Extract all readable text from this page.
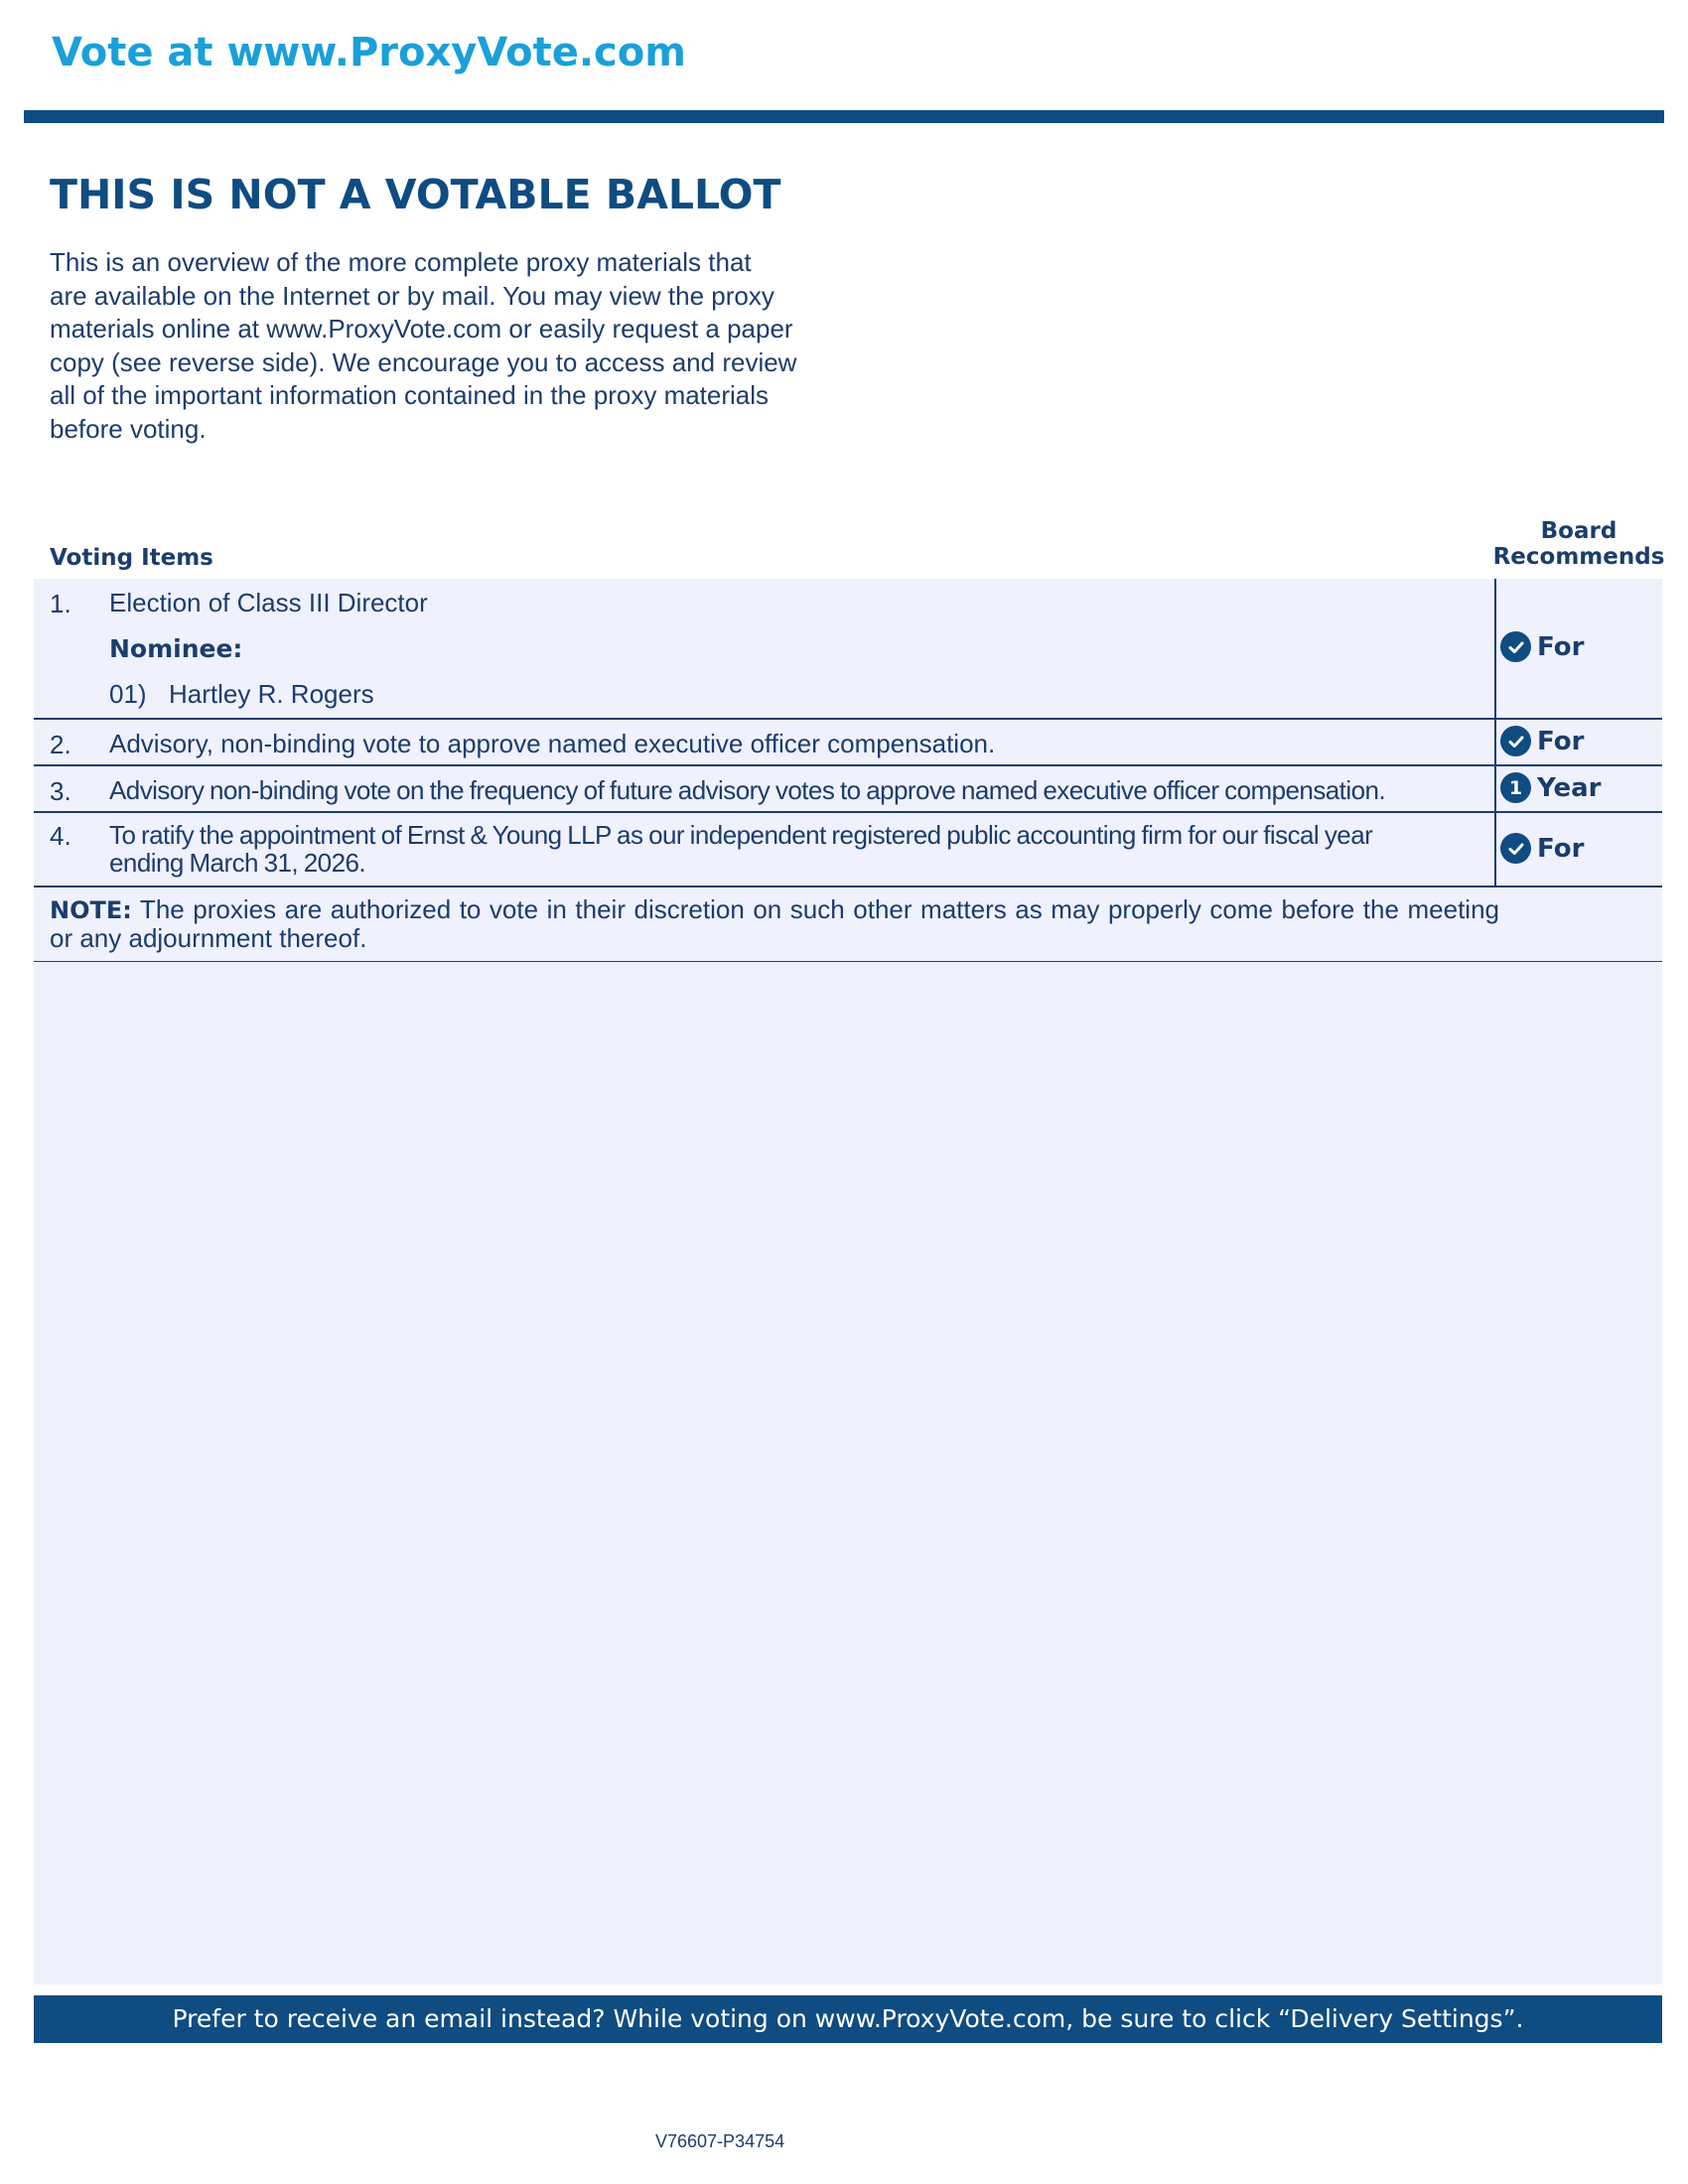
Vote at www.ProxyVote.com
THIS IS NOT A VOTABLE BALLOT
This is an overview of the more complete proxy materials that
are available on the Internet or by mail. You may view the proxy
materials online at www.ProxyVote.com or easily request a paper
copy (see reverse side). We encourage you to access and review
all of the important information contained in the proxy materials
before voting.
Voting Items
Board
Recommends
1. Election of Class III Director
Nominee:
01) Hartley R. Rogers
For
2. Advisory, non-binding vote to approve named executive officer compensation.	For
3. Advisory non-binding vote on the frequency of future advisory votes to approve named executive officer compensation.	1 Year
4. To ratify the appointment of Ernst & Young LLP as our independent registered public accounting firm for our fiscal year
ending March 31, 2026.	For
NOTE: The proxies are authorized to vote in their discretion on such other matters as may properly come before the meeting or any adjournment thereof.
Prefer to receive an email instead? While voting on www.ProxyVote.com, be sure to click “Delivery Settings”.
V76607-P34754
